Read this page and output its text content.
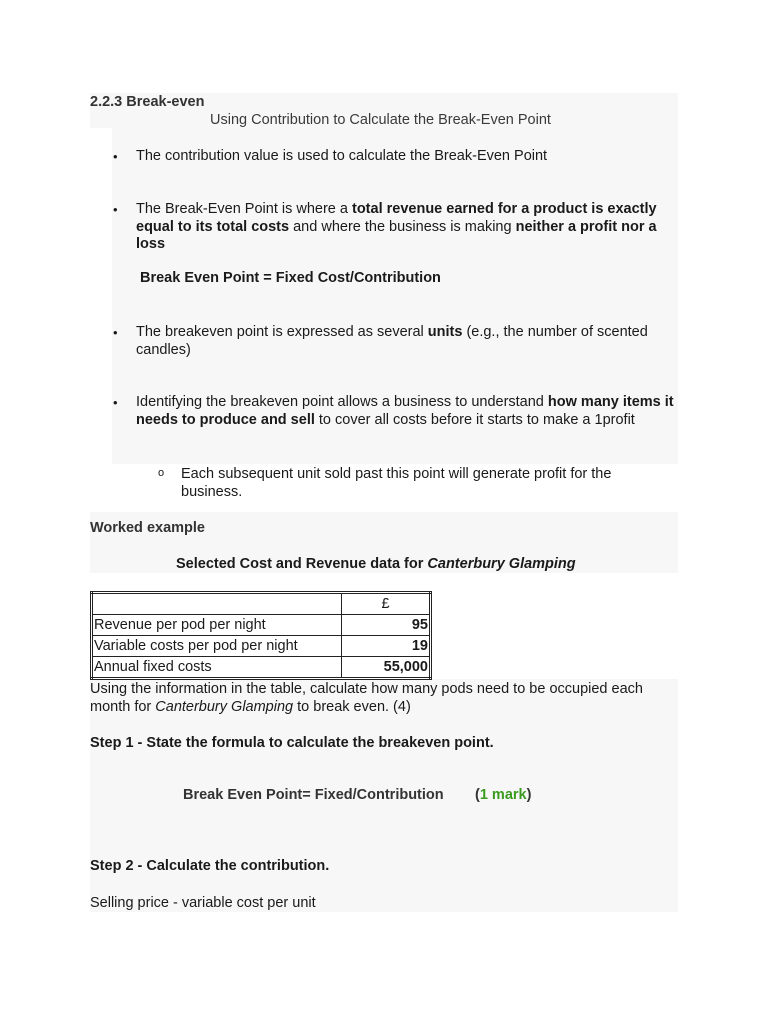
2.2.3 Break-even
Using Contribution to Calculate the Break-Even Point
• The contribution value is used to calculate the Break-Even Point
• The Break-Even Point is where a total revenue earned for a product is exactly equal to its total costs and where the business is making neither a profit nor a loss
Break Even Point = Fixed Cost/Contribution
• The breakeven point is expressed as several units (e.g., the number of scented candles)
• Identifying the breakeven point allows a business to understand how many items it needs to produce and sell to cover all costs before it starts to make a 1profit
o Each subsequent unit sold past this point will generate profit for the business.
Worked example
Selected Cost and Revenue data for Canterbury Glamping
	£
Revenue per pod per night	95
Variable costs per pod per night	19
Annual fixed costs	55,000
Using the information in the table, calculate how many pods need to be occupied each month for Canterbury Glamping to break even. (4)
Step 1 - State the formula to calculate the breakeven point.
Break Even Point= Fixed/Contribution (1 mark)
Step 2 - Calculate the contribution.
Selling price - variable cost per unit
